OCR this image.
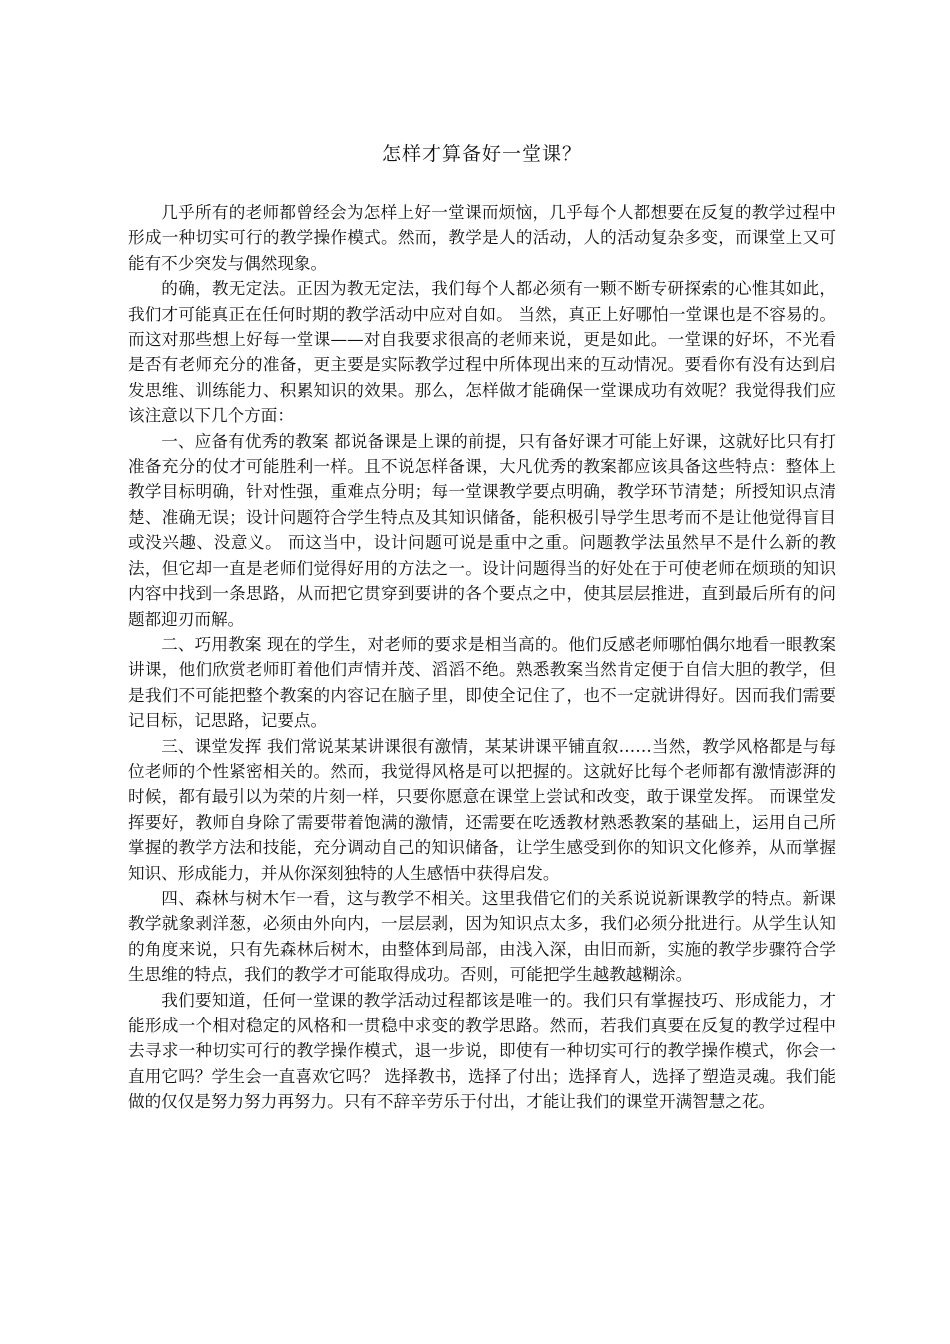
怎样才算备好一堂课？

几乎所有的老师都曾经会为怎样上好一堂课而烦恼，几乎每个人都想要在反复的教学过程中形成一种切实可行的教学操作模式。然而，教学是人的活动，人的活动复杂多变，而课堂上又可能有不少突发与偶然现象。

的确，教无定法。正因为教无定法，我们每个人都必须有一颗不断专研探索的心惟其如此，我们才可能真正在任何时期的教学活动中应对自如。 当然，真正上好哪怕一堂课也是不容易的。而这对那些想上好每一堂课——对自我要求很高的老师来说，更是如此。一堂课的好坏，不光看是否有老师充分的准备，更主要是实际教学过程中所体现出来的互动情况。要看你有没有达到启发思维、训练能力、积累知识的效果。那么，怎样做才能确保一堂课成功有效呢？我觉得我们应该注意以下几个方面：

一、应备有优秀的教案 都说备课是上课的前提，只有备好课才可能上好课，这就好比只有打准备充分的仗才可能胜利一样。且不说怎样备课，大凡优秀的教案都应该具备这些特点：整体上教学目标明确，针对性强，重难点分明；每一堂课教学要点明确，教学环节清楚；所授知识点清楚、准确无误；设计问题符合学生特点及其知识储备，能积极引导学生思考而不是让他觉得盲目或没兴趣、没意义。 而这当中，设计问题可说是重中之重。问题教学法虽然早不是什么新的教法，但它却一直是老师们觉得好用的方法之一。设计问题得当的好处在于可使老师在烦琐的知识内容中找到一条思路，从而把它贯穿到要讲的各个要点之中，使其层层推进，直到最后所有的问题都迎刃而解。

二、巧用教案 现在的学生，对老师的要求是相当高的。他们反感老师哪怕偶尔地看一眼教案讲课，他们欣赏老师盯着他们声情并茂、滔滔不绝。熟悉教案当然肯定便于自信大胆的教学，但是我们不可能把整个教案的内容记在脑子里，即使全记住了，也不一定就讲得好。因而我们需要记目标，记思路，记要点。

三、课堂发挥 我们常说某某讲课很有激情，某某讲课平铺直叙……当然，教学风格都是与每位老师的个性紧密相关的。然而，我觉得风格是可以把握的。这就好比每个老师都有激情澎湃的时候，都有最引以为荣的片刻一样，只要你愿意在课堂上尝试和改变，敢于课堂发挥。 而课堂发挥要好，教师自身除了需要带着饱满的激情，还需要在吃透教材熟悉教案的基础上，运用自己所掌握的教学方法和技能，充分调动自己的知识储备，让学生感受到你的知识文化修养，从而掌握知识、形成能力，并从你深刻独特的人生感悟中获得启发。

四、森林与树木乍一看，这与教学不相关。这里我借它们的关系说说新课教学的特点。新课教学就象剥洋葱，必须由外向内，一层层剥，因为知识点太多，我们必须分批进行。从学生认知的角度来说，只有先森林后树木，由整体到局部，由浅入深，由旧而新，实施的教学步骤符合学生思维的特点，我们的教学才可能取得成功。否则，可能把学生越教越糊涂。

我们要知道，任何一堂课的教学活动过程都该是唯一的。我们只有掌握技巧、形成能力，才能形成一个相对稳定的风格和一贯稳中求变的教学思路。然而，若我们真要在反复的教学过程中去寻求一种切实可行的教学操作模式，退一步说，即使有一种切实可行的教学操作模式，你会一直用它吗？学生会一直喜欢它吗？ 选择教书，选择了付出；选择育人，选择了塑造灵魂。我们能做的仅仅是努力努力再努力。只有不辞辛劳乐于付出，才能让我们的课堂开满智慧之花。
